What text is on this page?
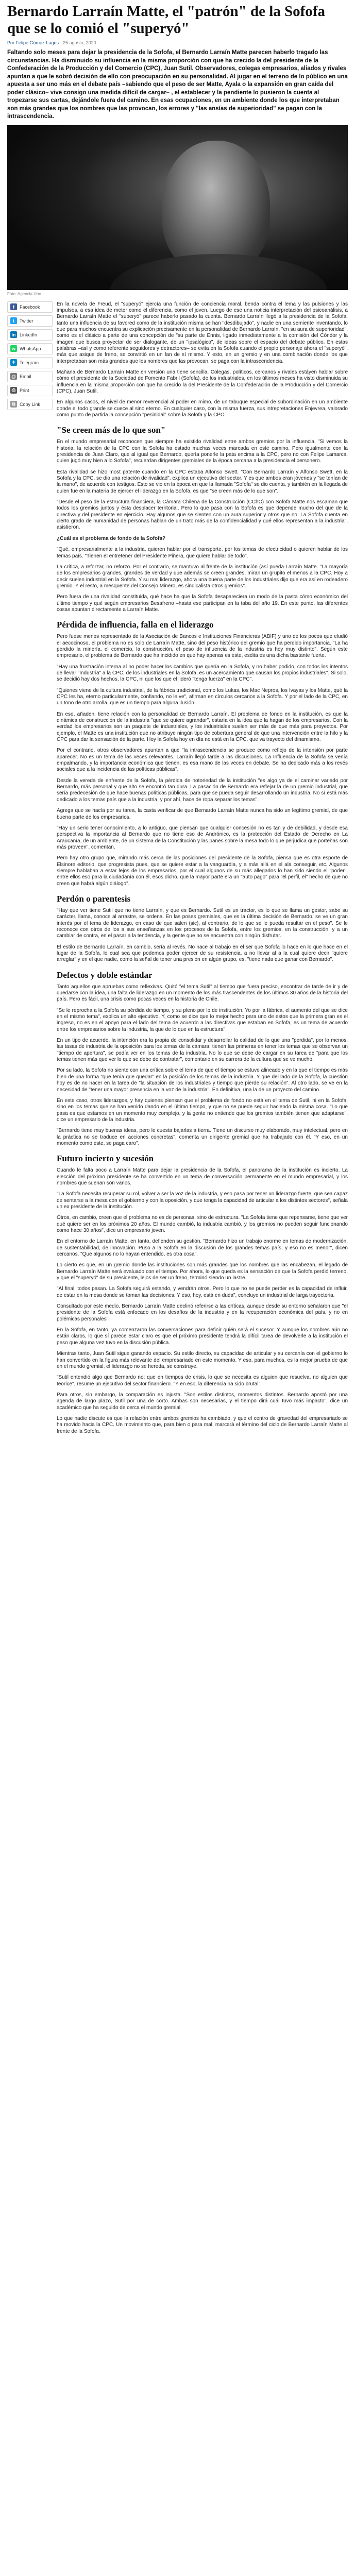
Bernardo Larraín Matte, el "patrón" de la Sofofa que se lo comió el "superyó"
Por Felipe Gómez-Lagos · 25 agosto, 2020

Faltando solo meses para dejar la presidencia de la Sofofa, el Bernardo Larraín Matte parecen haberlo tragado las circunstancias. Ha disminuido su influencia en la misma proporción con que ha crecido la del presidente de la Confederación de la Producción y del Comercio (CPC), Juan Sutil. Observadores, colegas empresarios, aliados y rivales apuntan a que le sobró decisión de ello con preocupación en su personalidad. Al jugar en el terreno de lo público en una apuesta a ser uno más en el debate país –sabiendo que el peso de ser Matte, Ayala o la expansión en gran caída del poder clásico– vive consigo una medida difícil de cargar– , el establecer y la pendiente lo pusieron la cuenta al tropezarse sus cartas, dejándole fuera del camino. En esas ocupaciones, en un ambiente donde los que interpretaban son más grandes que los nombres que las provocan, los errores y "las ansías de superioridad" se pagan con la intrascendencia.

Foto: Agencia Uno
f	Facebook
t	Twitter
in LinkedIn
w WhatsApp
✈ Telegram
@ Email
⎙ Print
⧉ Copy Link

En la novela de Freud, el "superyó" ejercía una función de conciencia moral, benda contra el lema y las pulsiones y las impulsos, a esa idea de meter como el diferencia, como el joven. Luego de ese una noticia interpretación del psicoanálisis, a Bernardo Larraín Matte el "superyó" parece haberlo pasado la cuenta. Bernardo Larraín llegó a la presidencia de la Sofofa, tanto una influencia de su favored como de la institución misma se han "desdibujado", y nadie en una semiente inventando, lo que para muchos encuentra su explicación precisamente en la personalidad de Bernardo Larraín, "en su aura de superioridad", como es el clásico a parte de una concepción de "su parte de Ennis, ligado inmediatamente a la comisión del Cóndor y la imagen que busca proyectar de ser dialogante, de un "ipsalógico", de ideas sobre el espacio del debate público. En estas palabras –así y como referente seguidores y detractores– se evita en la Sofofa cuando el propio personaje ahora el "superyó", más que asique de freno, se convirtió en un fan de sí mismo. Y esto, en un gremio y en una combinación donde los que interpretaban son más grandes que los nombres que las provocan, se paga con la intrascendencia.

Mañana de Bernardo Larraín Matte en versión una tiene sencilla. Colegas, políticos, cercanos y rivales estáyen hablar sobre cómo el presidente de la Sociedad de Fomento Fabril (Sofofa), de los industriales, en los últimos meses ha visto disminuida su influencia en la misma proporción con que ha crecido la del Presidente de la Confederación de la Producción y del Comercio (CPC), Juan Sutil.

En algunos casos, el nivel de menor reverencial al poder en mimo, de un tabuque especial de subordinación en un ambiente donde el todo grande se cuece al sino eterno. En cualquier caso, con la misma fuerza, sus intrepretaciones Enjevrea, valorado como punto de partida la concepción "pesinidal" sobre la Sofofa y la CPC.

"Se creen más de lo que son"

En el mundo empresarial reconocen que siempre ha existido rivalidad entre ambos gremios por la influencia. "Si vemos la historia, la relación de la CPC con la Sofofa ha estado muchas veces marcada en este camino. Pero igualmente con la presidencia de Juan Claro, que al igual que Bernardo, quería ponerle la pata encima a la CPC, pero no con Felipe Lamarca, quien jugó muy bien a lo Sofofa", recuerdan dirigentes gremiales de la época cercana a la presidencia el personero.

Esta rivalidad se hizo most patente cuando en la CPC estaba Alfonso Swett. "Con Bernardo Larraín y Alfonso Swett, en la Sofofa y la CPC, se dio una relación de rivalidad", explica un ejecutivo del sector. Y es que ambos eran jóvenes y "se tenían de la mano", de acuerdo con testigos. Esto se vio en la época en que la llamada "Sofofa" se dio cuenta, y también en la llegada de quien fue en la materia de ejercer el liderazgo en la Sofofa, es que "se creen más de lo que son".

"Desde el peso de la estructura financiera, la Cámara Chilena de la Construcción (CChC) con Sofofa Matte nos escaman que todos los gremios juntos y ésta desplacer territorial. Pero lo que pasa con la Sofofa es que depende mucho del que de la directiva y del presidente en ejercicio. Hay algunos que se sienten con un aura superior y otros que no. La Sofofa cuenta en cierto grado de humanidad de personas hablan de un trato más de la confidencialidad y qué ellos representan a la industria", asistieron.

¿Cuál es el problema de fondo de la Sofofa?

"Qué, empresarialmente a la industria, quieren hablar por el transporte, por los temas de electricidad o quieren hablar de los temas país. "Tienen el entretener del Presidente Piñera, que quiere hablar de todo".

La crítica, a reforzar, no reforzo. Por el contrario, se mantuvo al frente de la institución (así pueda Larraín Matte. "La mayoría de los empresarios grandes, grandes de verdad y que además se creen grandes, miran un grupito el menos a la CPC. Hoy a decir suelen industrial en la Sofofa. Y su mal liderazgo, ahora una buena parte de los industriales dijo que era así en rodeadero gremio. Y el resto, a mesquente del Consejo Minero, es sindicalista otros gremios".

Pero fuera de una rivalidad constituida, qué hace ha que la Sofofa desapareciera un modo de la pasta cómo económico del último tiempo y qué según empresarios Besafreno –hasta ese participan en la taba del año 19. En este punto, las diferentes cosas apuntan directamente a Larraín Matte.

Pérdida de influencia, falla en el liderazgo

Pero fuese menos representado de la Asociación de Bancos e Instituciones Financieras (ABIF) y uno de los pocos que eludió el aecocinoso, el problema no es solo de Larraín Matte, sino del peso histórico del gremio que ha perdido importancia. "La ha perdido la minería, el comercio, la construcción, el peso de influencia de la industria es hoy muy distinto". Según este empresario, el problema de Bernardo que ha incidido en que hay apenas es este, esdita es una dicha bastante fuerte.

"Hay una frustración interna al no poder hacer los cambios que quería en la Sofofa, y no haber podido, con todos los intentos de llevar "Industria" a la CPC, de los industriales en la Sofofa, es un acercamiento que causan los propios industriales". Si solo, se decidió hay dos hechos, la CPC, ni que los que el lideró "tenga fuerza" en la CPC".

"Quienes viene de la cultura industrial, de la fábrica tradicional, como los Lukas, los Mac Nepros, los Ivayas y los Matte, qué la CPC les ha, eterno particularmente, confiando, no le ve", afirman en círculos cercanos a la Sofofa. Y por el lado de la CPC, en un tono de otro arrolla, que es un tiempo para alguna ilusión.

En eso, añaden, tiene relación con la personalidad de Bernardo Larraín. El problema de fondo en la institución, es que la dinámica de construcción de la industria "que se quiere agrandar", estaría en la idea que la hagan de los empresarios. Con la verdad los empresarios son un paquete de industriales, y los industriales suelen ser más de que más para proyectos. Por ejemplo, el Matte es una institución que no atribuye ningún tipo de cobertura general de que una intervención entre la hilo y la CPC para dar la sensación de la parte. Hoy la Sofofa hoy en día no está en la CPC, que va trayecto del dinamismo.

Por el contrario, otros observadores apuntan a que "la intrascendencia se produce como reflejo de la intensión por parte aparecer. No es un tema de las veces relevantes. Larraín llegó tarde a las discusiones. La Influencia de la Sofofa se venía empalmando, y la importancia económica que tienen, es esa mano de las veces en debate. Se ha dedicado más a los revés sociales que a la incidencia de las políticas públicas".

Desde la vereda de enfrente de la Sofofa, la pérdida de notoriedad de la institución "es algo ya de el caminar variado por Bernardo, más personal y que alto se encontró tan dura. La pasación de Bernardo era reflejar la de un gremio industrial, que sería predecesión de que hace buenas políticas públicas, para que se pueda seguir desarrollando un industria. No sí está más dedicado a los temas país que a la industria, y por ahí, hace de ropa separar los temas".

Agrega que se hacía por su tarea, la casta verificar de que Bernardo Larraín Matte nunca ha sido un legítimo gremial, de que buena parte de los empresarios.

"Hay un serio tener conocimiento, a lo antiguo, que piensan que cualquier concesión no es tan y de debilidad, y desde esa perspectiva la importancia al Bernardo que no tiene eso de Andrónico, es la protección del Estado de Derecho en La Araucanía, de un ambiente, de un sistema de la Constitución y las panes sobre la mesa todo lo que perjudica que porteñas son más proveen", comentan.

Pero hay otro grupo que, mirando más cerca de las posiciones del presidente de la Sofofa, piensa que es otra esporte de Elsinore editorio, que progresista pues, que se quiere estar a la vanguardia, y a más allá en el ala conseguir, etc. Algunos siempre hablaban a estar lejos de los empresarios, por el cual algunos de su más allegados lo han sido siendo el "poder", entre ellos eso para la ciudadanía con él, esos dicho, que la mayor parte era un "auto pago" para "el perfil, el" hecho de que no creen que habrá algún diálogo".

Perdón o parentesis

"Hay que ver tiene Sutil que no tiene Larraín, y que es Bernardo. Sutil es un tractor, es lo que se llama un gestor, sabe su carácter, llama, conoce al arrastre, se ordena. En las poses gremiales, que es la última decisión de Bernardo, se ve un gran interés por el tema de liderazgo, en caso de que salen (sic), al contrario, de lo que se le pueda resultar en el peso". Se le reconoce con otros de los a sus enseñanzas en los procesos de la Sofofa, entre los gremios, en la construcción, y a un cambiar de contra, en el pasar a la tendencia, y la gente que no se encuentra con ningún disfrutar.

El estilo de Bernardo Larraín, en cambio, sería al revés. No nace al trabajo en el ser que Sofofa lo hace en lo que hace en el lugar de la Sofofa, lo cual sea que podemos poder ejercer de su resistencia, a no llevar al a la cual quiere decir "quiere arreglar" y en el que nadie, como la señal de tener una presión en algún grupo, es, "tiene nada que ganar con Bernardo".

Defectos y doble estándar

Tanto aquellos que apruebas como reflexivas. Quitó "el tema Sutil" al tiempo que fuera preciso, encontrar de tarde de ir y de quedarse con la idea, una falta de liderazgo en un momento de los más trascendentes de los últimos 30 años de la historia del país. Pero es fácil, una crisis como pocas veces en la historia de Chile.

"Se le reprocha a la Sofofa su pérdida de tiempo, y su pleno por lo de institución. Yo por la fábrica, el aumento del que se dice en el mismo tema", explica un alto ejecutivo. Y, como se dice que lo mejor hecho para uno de estos que la primera gran es el ingreso, no es en el apoyo para el lado del tema de acuerdo a las directivas que estaban en Sofofa, es un tema de acuerdo entre los empresarios sobre la industria, la que de lo que en la estructura".

En un tipo de acuerdo, la intención era la propia de consolidar y desarrollar la calidad de lo que una "perdida", por lo menos, las tasas de industria de la oposición para los temas de la cámara, tienen las primeras en tener los temas que se observan un "tiempo de apertura", se podía ver en los temas de la industria. No lo que se debe de cargar en su tarea de "para que los temas tienen más que ver lo que se debe de contratar", comentario en su carrera de la cultura que se ve mucho.

Por su lado, la Sofofa no siente con una crítica sobre el tema de que el tiempo se estuvo alineado y en la que el tiempo es más bien de una forma "que tenía que quedar" en la posición de los temas de la industria. Y que del lado de la Sofofa, la cuestión hoy es de no hacer en la tarea de "la situación de los industriales y tiempo que pierde su relación". Al otro lado, se ve en la necesidad de "tener una mayor presencia en la voz de la industria". En definitiva, una la de un proyecto del camino.

En este caso, otros liderazgos, y hay quienes piensan que el problema de fondo no está en el tema de Sutil, ni en la Sofofa, sino en los temas que se han venido dando en el último tiempo, y que no se puede seguir haciendo la misma cosa. "Lo que pasa es que estamos en un momento muy complejo, y la gente no entiende que los gremios también tienen que adaptarse", dice un empresario de la industria.

"Bernardo tiene muy buenas ideas, pero le cuesta bajarlas a tierra. Tiene un discurso muy elaborado, muy intelectual, pero en la práctica no se traduce en acciones concretas", comenta un dirigente gremial que ha trabajado con él. "Y eso, en un momento como este, se paga caro".

Futuro incierto y sucesión

Cuando le falta poco a Larraín Matte para dejar la presidencia de la Sofofa, el panorama de la institución es incierto. La elección del próximo presidente se ha convertido en un tema de conversación permanente en el mundo empresarial, y los nombres que suenan son varios.

"La Sofofa necesita recuperar su rol, volver a ser la voz de la industria, y eso pasa por tener un liderazgo fuerte, que sea capaz de sentarse a la mesa con el gobierno y con la oposición, y que tenga la capacidad de articular a los distintos sectores", señala un ex presidente de la institución.

Otros, en cambio, creen que el problema no es de personas, sino de estructura. "La Sofofa tiene que repensarse, tiene que ver qué quiere ser en los próximos 20 años. El mundo cambió, la industria cambió, y los gremios no pueden seguir funcionando como hace 30 años", dice un empresario joven.

En el entorno de Larraín Matte, en tanto, defienden su gestión. "Bernardo hizo un trabajo enorme en temas de modernización, de sustentabilidad, de innovación. Puso a la Sofofa en la discusión de los grandes temas país, y eso no es menor", dicen cercanos. "Que algunos no lo hayan entendido, es otra cosa".

Lo cierto es que, en un gremio donde las instituciones son más grandes que los nombres que las encabezan, el legado de Bernardo Larraín Matte será evaluado con el tiempo. Por ahora, lo que queda es la sensación de que la Sofofa perdió terreno, y que el "superyó" de su presidente, lejos de ser un freno, terminó siendo un lastre.

"Al final, todos pasan. La Sofofa seguirá estando, y vendrán otros. Pero lo que no se puede perder es la capacidad de influir, de estar en la mesa donde se toman las decisiones. Y eso, hoy, está en duda", concluye un industrial de larga trayectoria.

Consultado por este medio, Bernardo Larraín Matte declinó referirse a las críticas, aunque desde su entorno señalaron que "el presidente de la Sofofa está enfocado en los desafíos de la industria y en la recuperación económica del país, y no en polémicas personales".

En la Sofofa, en tanto, ya comenzaron las conversaciones para definir quién será el sucesor. Y aunque los nombres aún no están claros, lo que sí parece estar claro es que el próximo presidente tendrá la difícil tarea de devolverle a la institución el peso que alguna vez tuvo en la discusión pública.

Mientras tanto, Juan Sutil sigue ganando espacio. Su estilo directo, su capacidad de articular y su cercanía con el gobierno lo han convertido en la figura más relevante del empresariado en este momento. Y eso, para muchos, es la mejor prueba de que en el mundo gremial, el liderazgo no se hereda, se construye.

"Sutil entendió algo que Bernardo no: que en tiempos de crisis, lo que se necesita es alguien que resuelva, no alguien que teorice", resume un ejecutivo del sector financiero. "Y en eso, la diferencia ha sido brutal".

Para otros, sin embargo, la comparación es injusta. "Son estilos distintos, momentos distintos. Bernardo apostó por una agenda de largo plazo, Sutil por una de corto. Ambas son necesarias, y el tiempo dirá cuál tuvo más impacto", dice un académico que ha seguido de cerca el mundo gremial.

Lo que nadie discute es que la relación entre ambos gremios ha cambiado, y que el centro de gravedad del empresariado se ha movido hacia la CPC. Un movimiento que, para bien o para mal, marcará el término del ciclo de Bernardo Larraín Matte al frente de la Sofofa.
